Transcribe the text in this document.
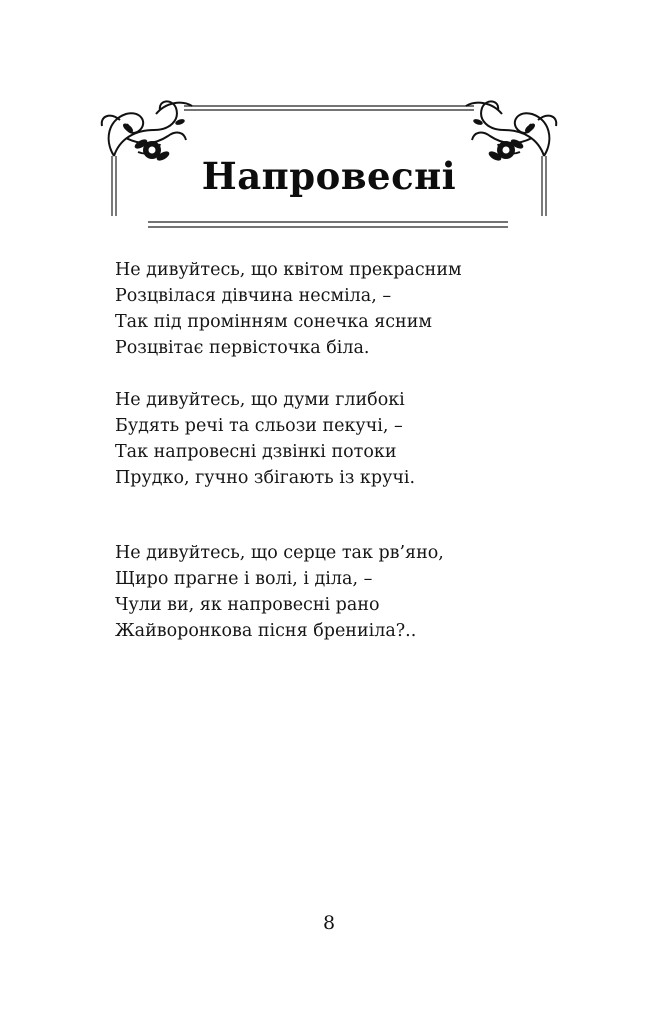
Напровесні
Не дивуйтесь, що квітом прекрасним
Розцвілася дівчина несміла, –
Так під промінням сонечка ясним
Розцвітає первісточка біла.
Не дивуйтесь, що думи глибокі
Будять речі та сльози пекучі, –
Так напровесні дзвінкі потоки
Прудко, гучно збігають із кручі.
Не дивуйтесь, що серце так рв’яно,
Щиро прагне і волі, і діла, –
Чули ви, як напровесні рано
Жайворонкова пісня брениіла?..
8
